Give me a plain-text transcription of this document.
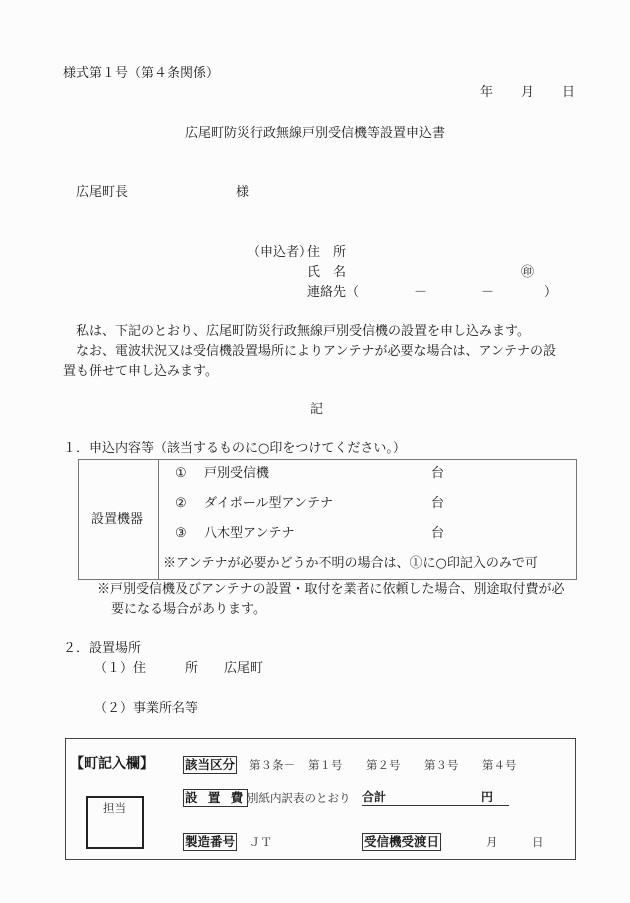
様式第１号（第４条関係）
年 月 日
広尾町防災行政無線戸別受信機等設置申込書
広尾町長	様
（申込者）
住　所
氏　名	㊞
連絡先（	－	－	）
私は、下記のとおり、広尾町防災行政無線戸別受信機の設置を申し込みます。
なお、電波状況又は受信機設置場所によりアンテナが必要な場合は、アンテナの設
置も併せて申し込みます。
記
１．申込内容等（該当するものに○印をつけてください。）
設置機器
① 戸別受信機	台
② ダイポール型アンテナ	台
③ 八木型アンテナ	台
※アンテナが必要かどうか不明の場合は、①に○印記入のみで可
※戸別受信機及びアンテナの設置・取付を業者に依頼した場合、別途取付費が必
要になる場合があります。
２．設置場所
（１）住　　　所 広尾町
（２）事業所名等
【町記入欄】
担当
該当区分 第３条－ 第１号 第２号 第３号 第４号
設 置 費 別紙内訳表のとおり 合計	円
製造番号 ＪＴ	受信機受渡日	月	日
